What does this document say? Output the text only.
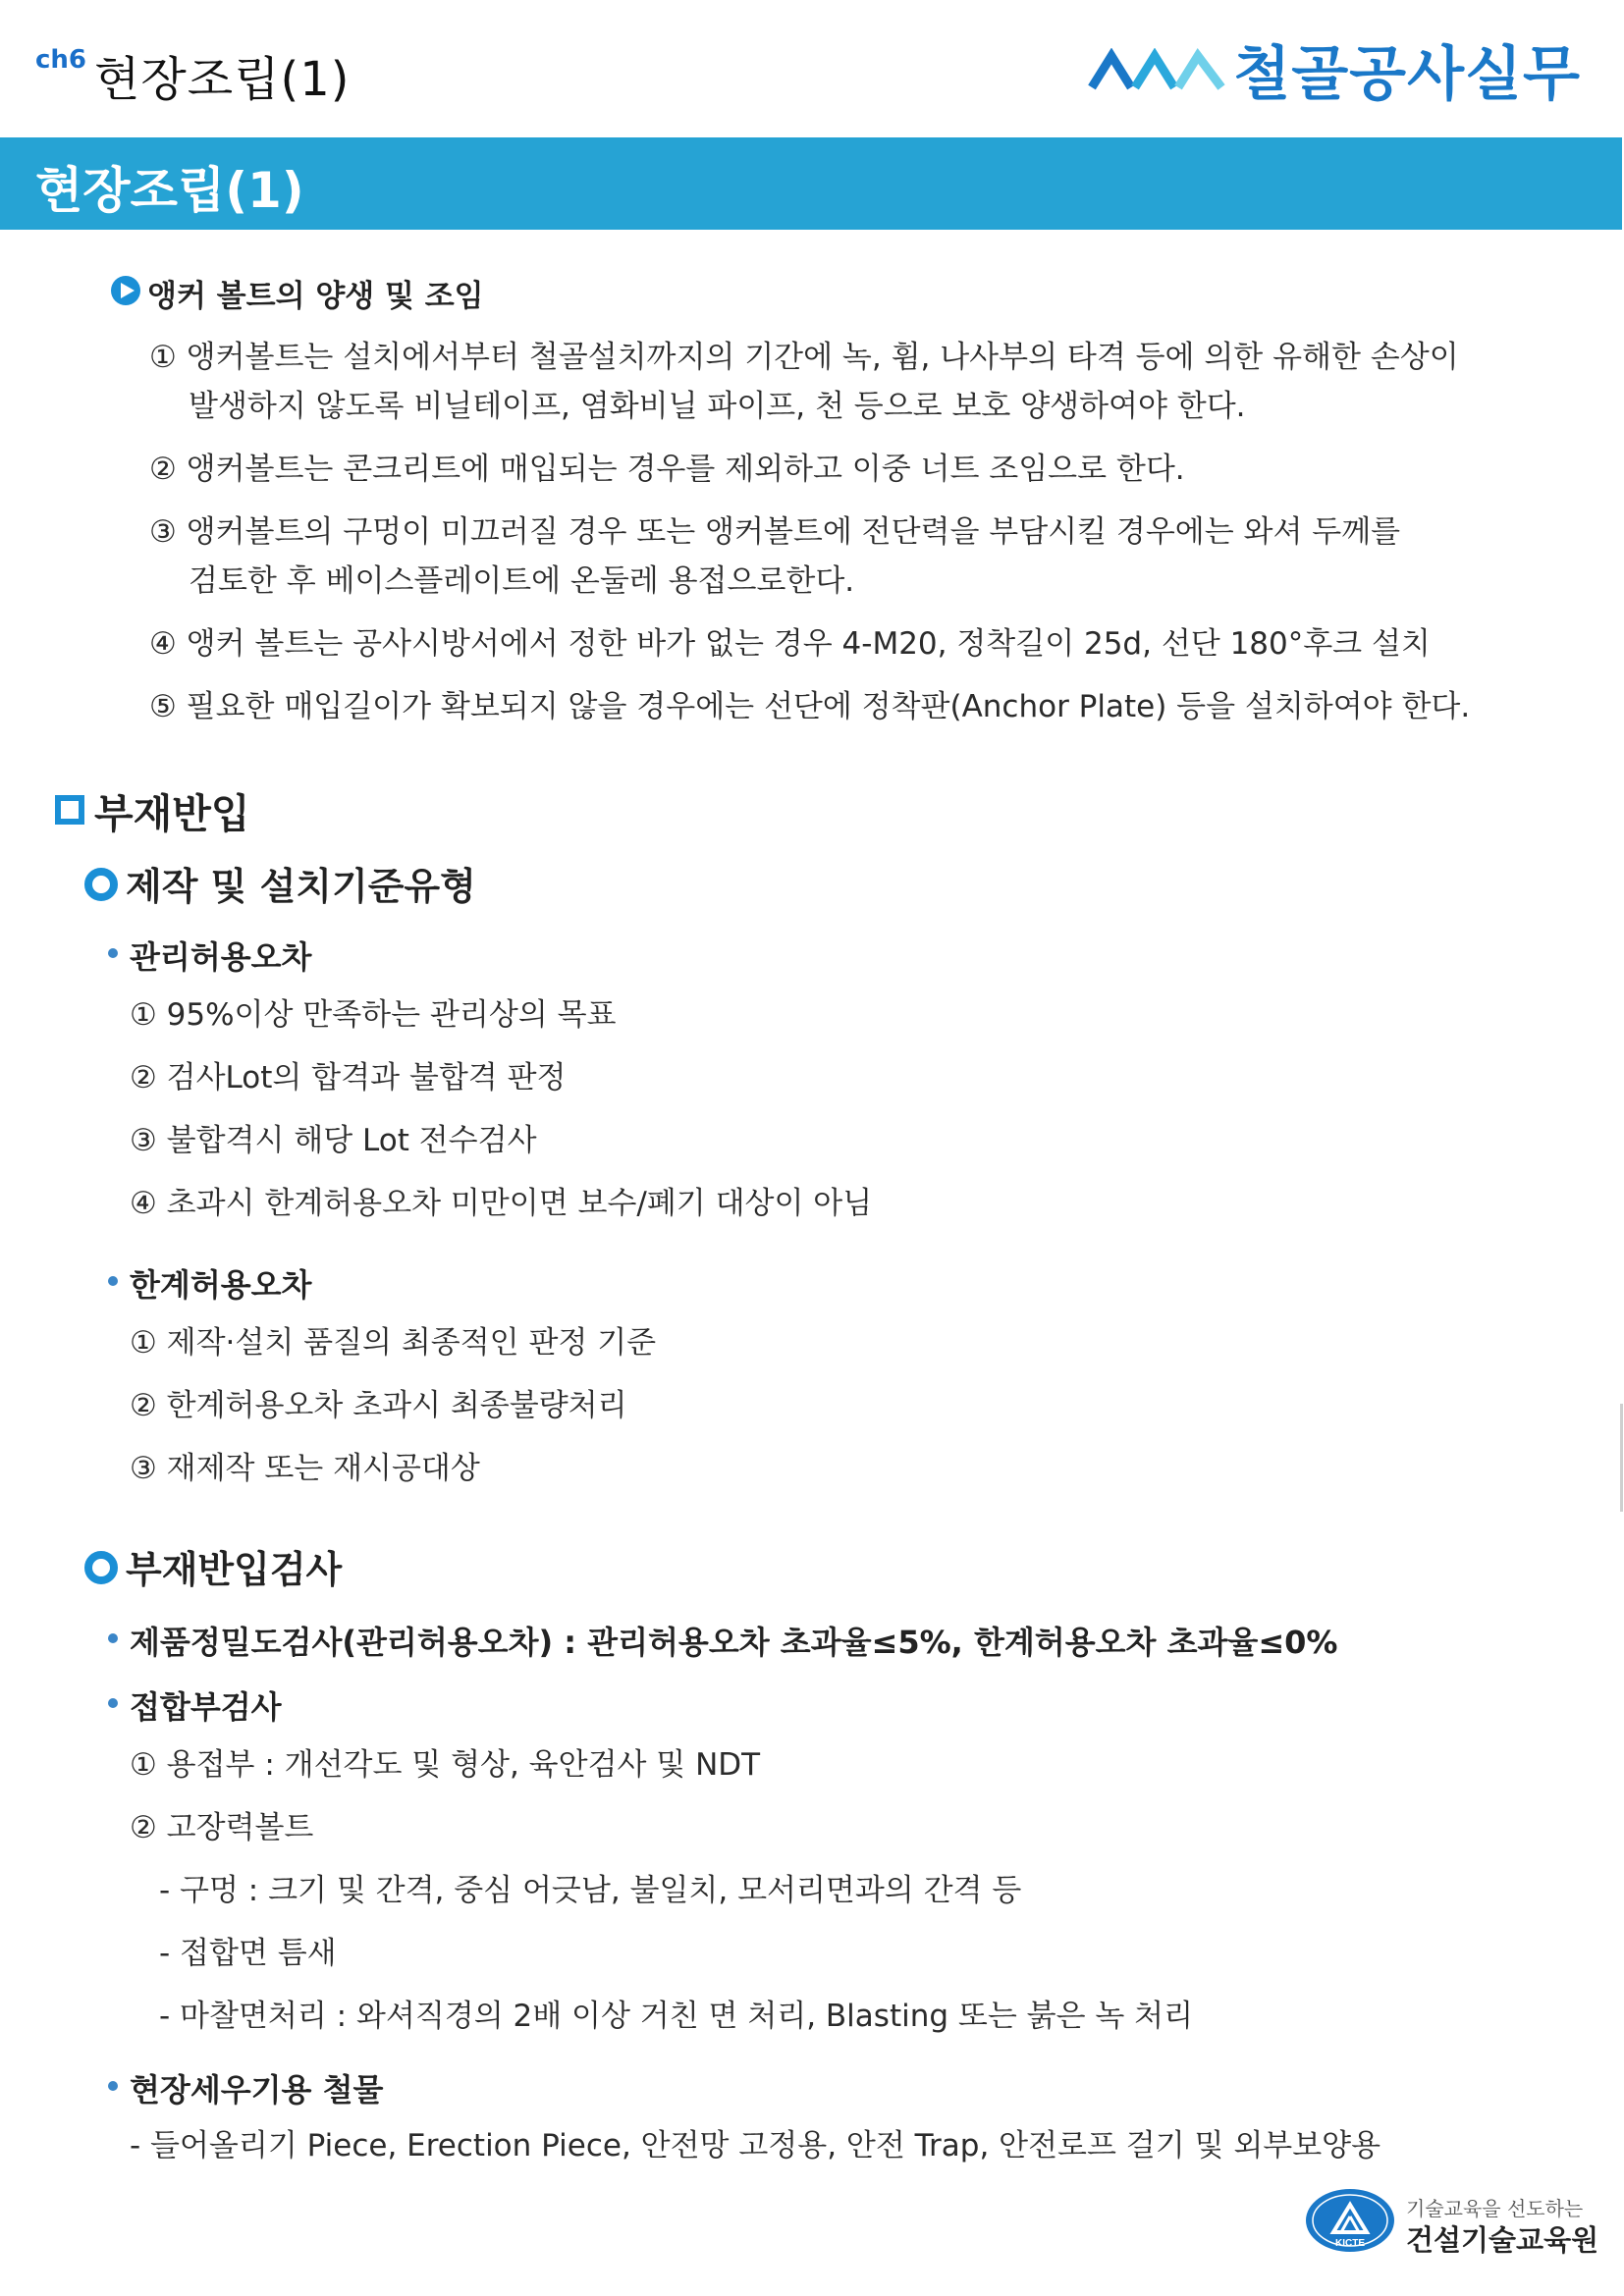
ch6 현장조립(1)	철골공사실무
현장조립(1)
앵커 볼트의 양생 및 조임
① 앵커볼트는 설치에서부터 철골설치까지의 기간에 녹, 휨, 나사부의 타격 등에 의한 유해한 손상이
발생하지 않도록 비닐테이프, 염화비닐 파이프, 천 등으로 보호 양생하여야 한다.
② 앵커볼트는 콘크리트에 매입되는 경우를 제외하고 이중 너트 조임으로 한다.
③ 앵커볼트의 구멍이 미끄러질 경우 또는 앵커볼트에 전단력을 부담시킬 경우에는 와셔 두께를
검토한 후 베이스플레이트에 온둘레 용접으로한다.
④ 앵커 볼트는 공사시방서에서 정한 바가 없는 경우 4-M20, 정착길이 25d, 선단 180°후크 설치
⑤ 필요한 매입길이가 확보되지 않을 경우에는 선단에 정착판(Anchor Plate) 등을 설치하여야 한다.
부재반입
제작 및 설치기준유형
관리허용오차
① 95%이상 만족하는 관리상의 목표
② 검사Lot의 합격과 불합격 판정
③ 불합격시 해당 Lot 전수검사
④ 초과시 한계허용오차 미만이면 보수/폐기 대상이 아님
한계허용오차
① 제작·설치 품질의 최종적인 판정 기준
② 한계허용오차 초과시 최종불량처리
③ 재제작 또는 재시공대상
부재반입검사
제품정밀도검사(관리허용오차) : 관리허용오차 초과율≤5%, 한계허용오차 초과율≤0%
접합부검사
① 용접부 : 개선각도 및 형상, 육안검사 및 NDT
② 고장력볼트
- 구멍 : 크기 및 간격, 중심 어긋남, 불일치, 모서리면과의 간격 등
- 접합면 틈새
- 마찰면처리 : 와셔직경의 2배 이상 거친 면 처리, Blasting 또는 붉은 녹 처리
현장세우기용 철물
- 들어올리기 Piece, Erection Piece, 안전망 고정용, 안전 Trap, 안전로프 걸기 및 외부보양용
KICTE
기술교육을 선도하는
건설기술교육원
